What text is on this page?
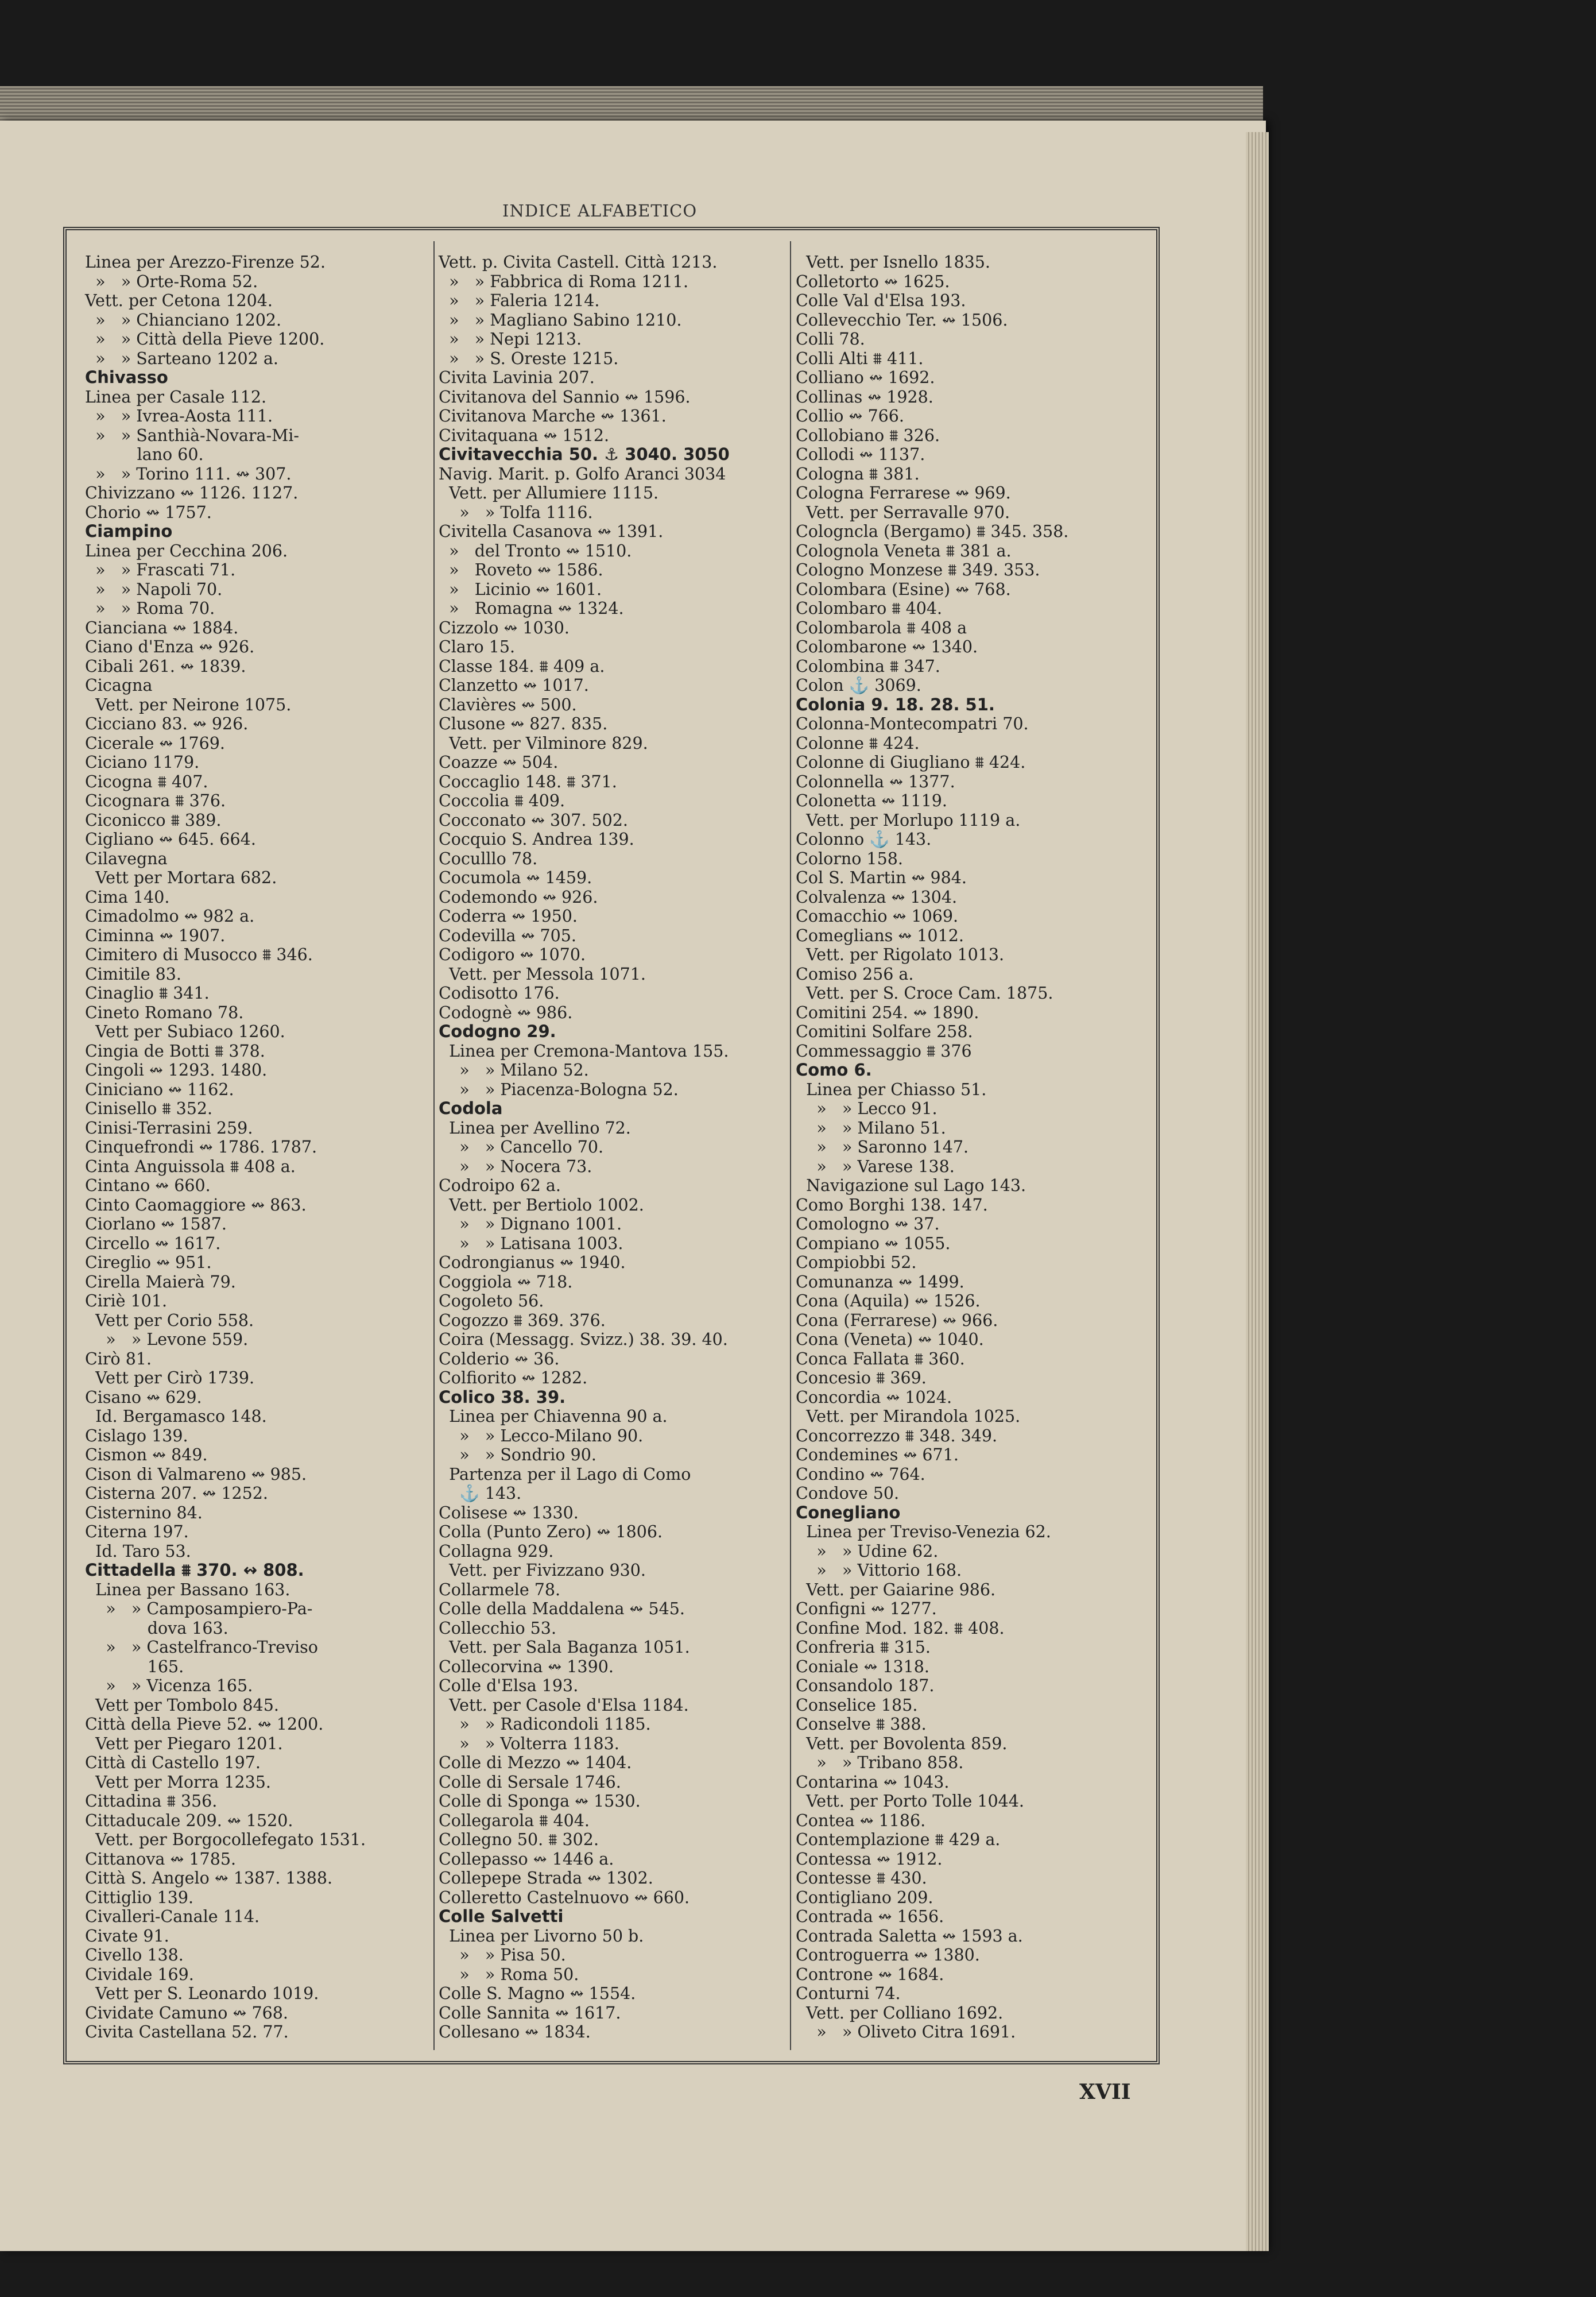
INDICE ALFABETICO
Linea per Arezzo-Firenze 52.
»   » Orte-Roma 52.
Vett. per Cetona 1204.
»   » Chianciano 1202.
»   » Città della Pieve 1200.
»   » Sarteano 1202 a.
Chivasso
Linea per Casale 112.
»   » Ivrea-Aosta 111.
»   » Santhià-Novara-Mi-
lano 60.
»   » Torino 111. ↭ 307.
Chivizzano ↭ 1126. 1127.
Chorio ↭ 1757.
Ciampino
Linea per Cecchina 206.
»   » Frascati 71.
»   » Napoli 70.
»   » Roma 70.
Cianciana ↭ 1884.
Ciano d'Enza ↭ 926.
Cibali 261. ↭ 1839.
Cicagna
Vett. per Neirone 1075.
Cicciano 83. ↭ 926.
Cicerale ↭ 1769.
Ciciano 1179.
Cicogna ⩩ 407.
Cicognara ⩩ 376.
Ciconicco ⩩ 389.
Cigliano ↭ 645. 664.
Cilavegna
Vett per Mortara 682.
Cima 140.
Cimadolmo ↭ 982 a.
Ciminna ↭ 1907.
Cimitero di Musocco ⩩ 346.
Cimitile 83.
Cinaglio ⩩ 341.
Cineto Romano 78.
Vett per Subiaco 1260.
Cingia de Botti ⩩ 378.
Cingoli ↭ 1293. 1480.
Ciniciano ↭ 1162.
Cinisello ⩩ 352.
Cinisi-Terrasini 259.
Cinquefrondi ↭ 1786. 1787.
Cinta Anguissola ⩩ 408 a.
Cintano ↭ 660.
Cinto Caomaggiore ↭ 863.
Ciorlano ↭ 1587.
Circello ↭ 1617.
Cireglio ↭ 951.
Cirella Maierà 79.
Ciriè 101.
Vett per Corio 558.
»   » Levone 559.
Cirò 81.
Vett per Cirò 1739.
Cisano ↭ 629.
Id. Bergamasco 148.
Cislago 139.
Cismon ↭ 849.
Cison di Valmareno ↭ 985.
Cisterna 207. ↭ 1252.
Cisternino 84.
Citerna 197.
Id. Taro 53.
Cittadella ⩩ 370. ↭ 808.
Linea per Bassano 163.
»   » Camposampiero-Pa-
dova 163.
»   » Castelfranco-Treviso
165.
»   » Vicenza 165.
Vett per Tombolo 845.
Città della Pieve 52. ↭ 1200.
Vett per Piegaro 1201.
Città di Castello 197.
Vett per Morra 1235.
Cittadina ⩩ 356.
Cittaducale 209. ↭ 1520.
Vett. per Borgocollefegato 1531.
Cittanova ↭ 1785.
Città S. Angelo ↭ 1387. 1388.
Cittiglio 139.
Civalleri-Canale 114.
Civate 91.
Civello 138.
Cividale 169.
Vett per S. Leonardo 1019.
Cividate Camuno ↭ 768.
Civita Castellana 52. 77.
Vett. p. Civita Castell. Città 1213.
»   » Fabbrica di Roma 1211.
»   » Faleria 1214.
»   » Magliano Sabino 1210.
»   » Nepi 1213.
»   » S. Oreste 1215.
Civita Lavinia 207.
Civitanova del Sannio ↭ 1596.
Civitanova Marche ↭ 1361.
Civitaquana ↭ 1512.
Civitavecchia 50. ⚓ 3040. 3050
Navig. Marit. p. Golfo Aranci 3034
Vett. per Allumiere 1115.
»   » Tolfa 1116.
Civitella Casanova ↭ 1391.
»   del Tronto ↭ 1510.
»   Roveto ↭ 1586.
»   Licinio ↭ 1601.
»   Romagna ↭ 1324.
Cizzolo ↭ 1030.
Claro 15.
Classe 184. ⩩ 409 a.
Clanzetto ↭ 1017.
Clavières ↭ 500.
Clusone ↭ 827. 835.
Vett. per Vilminore 829.
Coazze ↭ 504.
Coccaglio 148. ⩩ 371.
Coccolia ⩩ 409.
Cocconato ↭ 307. 502.
Cocquio S. Andrea 139.
Coculllo 78.
Cocumola ↭ 1459.
Codemondo ↭ 926.
Coderra ↭ 1950.
Codevilla ↭ 705.
Codigoro ↭ 1070.
Vett. per Messola 1071.
Codisotto 176.
Codognè ↭ 986.
Codogno 29.
Linea per Cremona-Mantova 155.
»   » Milano 52.
»   » Piacenza-Bologna 52.
Codola
Linea per Avellino 72.
»   » Cancello 70.
»   » Nocera 73.
Codroipo 62 a.
Vett. per Bertiolo 1002.
»   » Dignano 1001.
»   » Latisana 1003.
Codrongianus ↭ 1940.
Coggiola ↭ 718.
Cogoleto 56.
Cogozzo ⩩ 369. 376.
Coira (Messagg. Svizz.) 38. 39. 40.
Colderio ↭ 36.
Colfiorito ↭ 1282.
Colico 38. 39.
Linea per Chiavenna 90 a.
»   » Lecco-Milano 90.
»   » Sondrio 90.
Partenza per il Lago di Como
⚓ 143.
Colisese ↭ 1330.
Colla (Punto Zero) ↭ 1806.
Collagna 929.
Vett. per Fivizzano 930.
Collarmele 78.
Colle della Maddalena ↭ 545.
Collecchio 53.
Vett. per Sala Baganza 1051.
Collecorvina ↭ 1390.
Colle d'Elsa 193.
Vett. per Casole d'Elsa 1184.
»   » Radicondoli 1185.
»   » Volterra 1183.
Colle di Mezzo ↭ 1404.
Colle di Sersale 1746.
Colle di Sponga ↭ 1530.
Collegarola ⩩ 404.
Collegno 50. ⩩ 302.
Collepasso ↭ 1446 a.
Collepepe Strada ↭ 1302.
Colleretto Castelnuovo ↭ 660.
Colle Salvetti
Linea per Livorno 50 b.
»   » Pisa 50.
»   » Roma 50.
Colle S. Magno ↭ 1554.
Colle Sannita ↭ 1617.
Collesano ↭ 1834.
Vett. per Isnello 1835.
Colletorto ↭ 1625.
Colle Val d'Elsa 193.
Collevecchio Ter. ↭ 1506.
Colli 78.
Colli Alti ⩩ 411.
Colliano ↭ 1692.
Collinas ↭ 1928.
Collio ↭ 766.
Collobiano ⩩ 326.
Collodi ↭ 1137.
Cologna ⩩ 381.
Cologna Ferrarese ↭ 969.
Vett. per Serravalle 970.
Cologncla (Bergamo) ⩩ 345. 358.
Colognola Veneta ⩩ 381 a.
Cologno Monzese ⩩ 349. 353.
Colombara (Esine) ↭ 768.
Colombaro ⩩ 404.
Colombarola ⩩ 408 a
Colombarone ↭ 1340.
Colombina ⩩ 347.
Colon ⚓ 3069.
Colonia 9. 18. 28. 51.
Colonna-Montecompatri 70.
Colonne ⩩ 424.
Colonne di Giugliano ⩩ 424.
Colonnella ↭ 1377.
Colonetta ↭ 1119.
Vett. per Morlupo 1119 a.
Colonno ⚓ 143.
Colorno 158.
Col S. Martin ↭ 984.
Colvalenza ↭ 1304.
Comacchio ↭ 1069.
Comeglians ↭ 1012.
Vett. per Rigolato 1013.
Comiso 256 a.
Vett. per S. Croce Cam. 1875.
Comitini 254. ↭ 1890.
Comitini Solfare 258.
Commessaggio ⩩ 376
Como 6.
Linea per Chiasso 51.
»   » Lecco 91.
»   » Milano 51.
»   » Saronno 147.
»   » Varese 138.
Navigazione sul Lago 143.
Como Borghi 138. 147.
Comologno ↭ 37.
Compiano ↭ 1055.
Compiobbi 52.
Comunanza ↭ 1499.
Cona (Aquila) ↭ 1526.
Cona (Ferrarese) ↭ 966.
Cona (Veneta) ↭ 1040.
Conca Fallata ⩩ 360.
Concesio ⩩ 369.
Concordia ↭ 1024.
Vett. per Mirandola 1025.
Concorrezzo ⩩ 348. 349.
Condemines ↭ 671.
Condino ↭ 764.
Condove 50.
Conegliano
Linea per Treviso-Venezia 62.
»   » Udine 62.
»   » Vittorio 168.
Vett. per Gaiarine 986.
Configni ↭ 1277.
Confine Mod. 182. ⩩ 408.
Confreria ⩩ 315.
Coniale ↭ 1318.
Consandolo 187.
Conselice 185.
Conselve ⩩ 388.
Vett. per Bovolenta 859.
»   » Tribano 858.
Contarina ↭ 1043.
Vett. per Porto Tolle 1044.
Contea ↭ 1186.
Contemplazione ⩩ 429 a.
Contessa ↭ 1912.
Contesse ⩩ 430.
Contigliano 209.
Contrada ↭ 1656.
Contrada Saletta ↭ 1593 a.
Controguerra ↭ 1380.
Controne ↭ 1684.
Conturni 74.
Vett. per Colliano 1692.
»   » Oliveto Citra 1691.
XVII
